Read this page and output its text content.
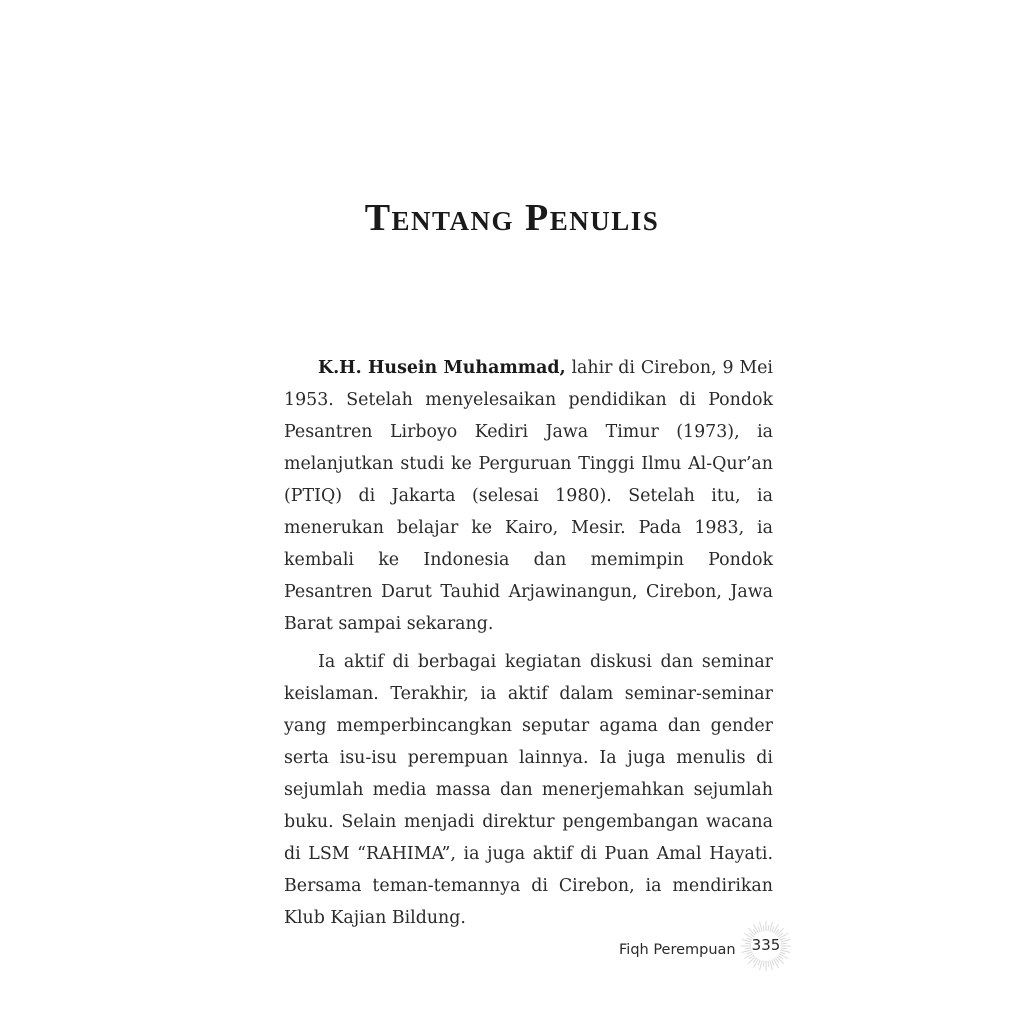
Tentang Penulis

K.H. Husein Muhammad, lahir di Cirebon, 9 Mei 1953. Setelah menyelesaikan pendidikan di Pondok Pesantren Lirboyo Kediri Jawa Timur (1973), ia melanjutkan studi ke Perguruan Tinggi Ilmu Al-Qur’an (PTIQ) di Jakarta (selesai 1980). Setelah itu, ia menerukan belajar ke Kairo, Mesir. Pada 1983, ia kembali ke Indonesia dan memimpin Pondok Pesantren Darut Tauhid Arjawinangun, Cirebon, Jawa Barat sampai sekarang.

Ia aktif di berbagai kegiatan diskusi dan seminar keislaman. Terakhir, ia aktif dalam seminar-seminar yang memperbincangkan seputar agama dan gender serta isu-isu perempuan lainnya. Ia juga menulis di sejumlah media massa dan menerjemahkan sejumlah buku. Selain menjadi direktur pengembangan wacana di LSM “RAHIMA”, ia juga aktif di Puan Amal Hayati. Bersama teman-temannya di Cirebon, ia mendirikan Klub Kajian Bildung.

Fiqh Perempuan	335
